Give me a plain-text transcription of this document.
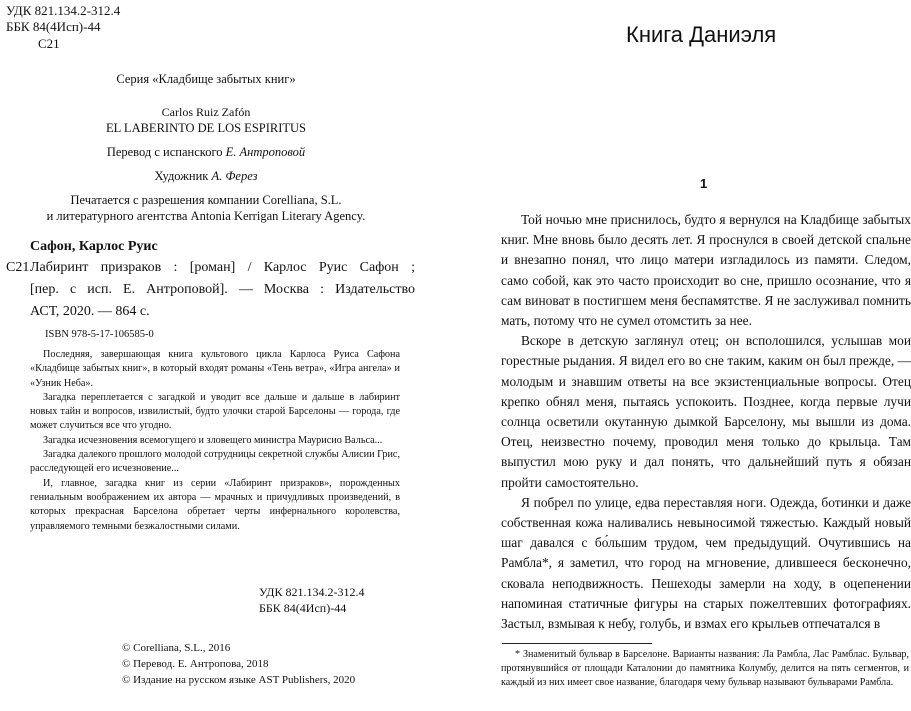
УДК 821.134.2-312.4
ББК 84(4Исп)-44
С21
Серия «Кладбище забытых книг»
Carlos Ruiz Zafón
EL LABERINTO DE LOS ESPIRITUS
Перевод с испанского Е. Антроповой
Художник А. Ферез
Печатается с разрешения компании Corelliana, S.L.
и литературного агентства Antonia Kerrigan Literary Agency.
Сафон, Карлос Руис
С21 Лабиринт призраков : [роман] / Карлос Руис Сафон ;
[пер. с исп. Е. Антроповой]. — Москва : Издательство
АСТ, 2020. — 864 с.
ISBN 978-5-17-106585-0

Последняя, завершающая книга культового цикла Карлоса Руиса Сафона «Кладбище забытых книг», в который входят романы «Тень ветра», «Игра ангела» и «Узник Неба».

Загадка переплетается с загадкой и уводит все дальше и дальше в лабиринт новых тайн и вопросов, извилистый, будто улочки старой Барселоны — города, где может случиться все что угодно.

Загадка исчезновения всемогущего и зловещего министра Маурисио Вальса...

Загадка далекого прошлого молодой сотрудницы секретной службы Алисии Грис, расследующей его исчезновение...

И, главное, загадка книг из серии «Лабиринт призраков», порожденных гениальным воображением их автора — мрачных и причудливых произведений, в которых прекрасная Барселона обретает черты инфернального королевства, управляемого темными безжалостными силами.

УДК 821.134.2-312.4
ББК 84(4Исп)-44
© Corelliana, S.L., 2016
© Перевод. Е. Антропова, 2018
© Издание на русском языке AST Publishers, 2020
Книга Даниэля
1

Той ночью мне приснилось, будто я вернулся на Кладбище забытых книг. Мне вновь было десять лет. Я проснулся в своей детской спальне и внезапно понял, что лицо матери изгладилось из памяти. Следом, само собой, как это часто происходит во сне, пришло осознание, что я сам виноват в постигшем меня беспамятстве. Я не заслуживал помнить мать, потому что не сумел отомстить за нее.

Вскоре в детскую заглянул отец; он всполошился, услышав мои горестные рыдания. Я видел его во сне таким, каким он был прежде, — молодым и знавшим ответы на все экзистенциальные вопросы. Отец крепко обнял меня, пытаясь успокоить. Позднее, когда первые лучи солнца осветили окутанную дымкой Барселону, мы вышли из дома. Отец, неизвестно почему, проводил меня только до крыльца. Там выпустил мою руку и дал понять, что дальнейший путь я обязан пройти самостоятельно.

Я побрел по улице, едва переставляя ноги. Одежда, ботинки и даже собственная кожа наливались невыносимой тяжестью. Каждый новый шаг давался с бо́льшим трудом, чем предыдущий. Очутившись на Рамбла*, я заметил, что город на мгновение, длившееся бесконечно, сковала неподвижность. Пешеходы замерли на ходу, в оцепенении напоминая статичные фигуры на старых пожелтевших фотографиях. Застыл, взмывая к небу, голубь, и взмах его крыльев отпечатался в

* Знаменитый бульвар в Барселоне. Варианты названия: Ла Рамбла, Лас Рамблас. Бульвар, протянувшийся от площади Каталонии до памятника Колумбу, делится на пять сегментов, и каждый из них имеет свое название, благодаря чему бульвар называют бульварами Рамбла.
